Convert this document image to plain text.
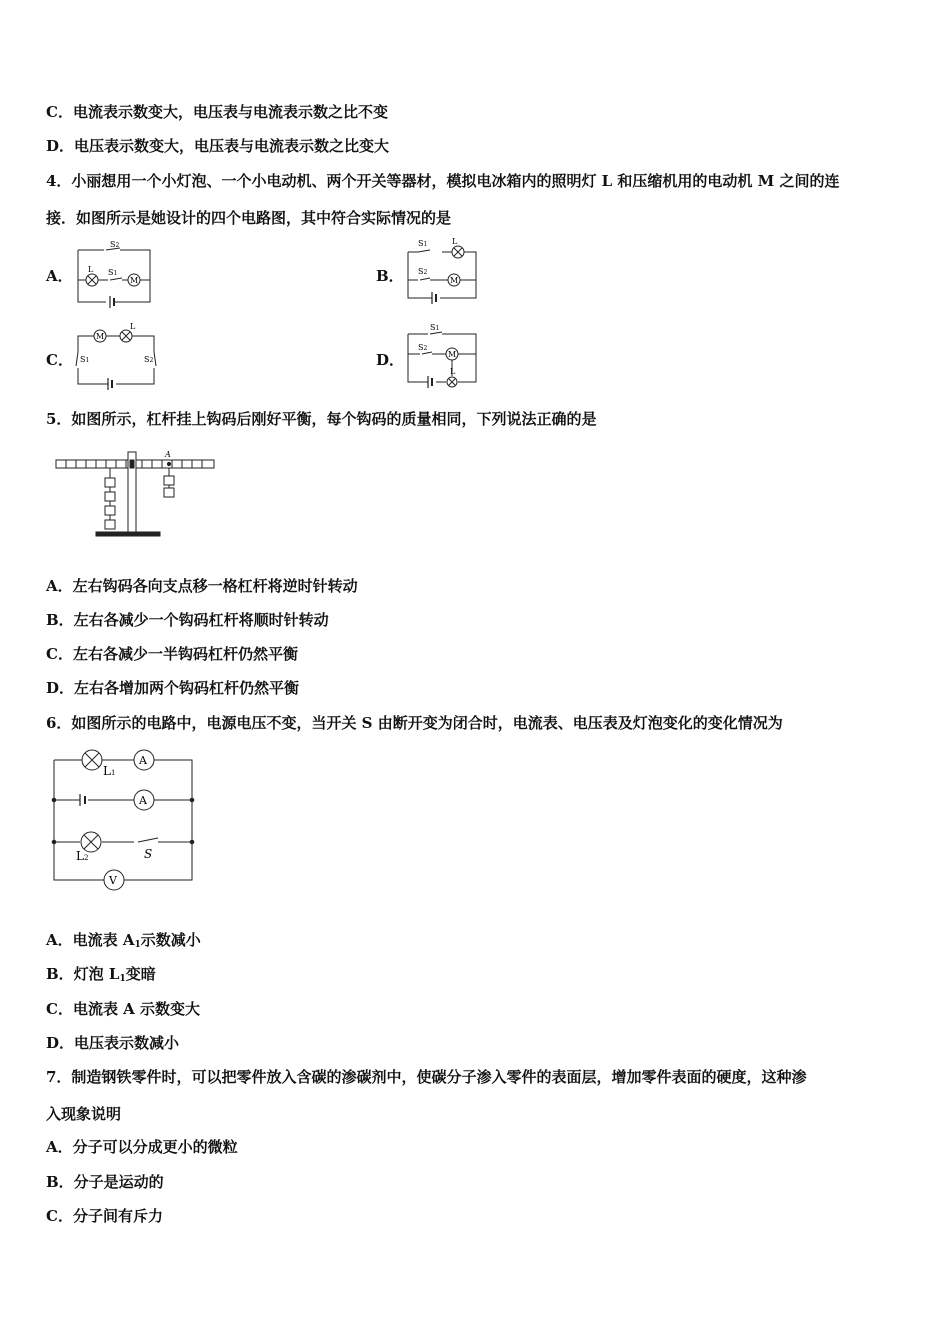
C．电流表示数变大，电压表与电流表示数之比不变
D．电压表示数变大，电压表与电流表示数之比变大
4．小丽想用一个小灯泡、一个小电动机、两个开关等器材，模拟电冰箱内的照明灯 L 和压缩机用的电动机 M 之间的连
接．如图所示是她设计的四个电路图，其中符合实际情况的是
A．	B．
C．	D．
S2
L S1
M
S1	L
S2
M
M
L
S1	S2
S1
S2
M
L
5．如图所示，杠杆挂上钩码后刚好平衡，每个钩码的质量相同，下列说法正确的是
A
A．左右钩码各向支点移一格杠杆将逆时针转动
B．左右各减少一个钩码杠杆将顺时针转动
C．左右各减少一半钩码杠杆仍然平衡
D．左右各增加两个钩码杠杆仍然平衡
6．如图所示的电路中，电源电压不变，当开关 S 由断开变为闭合时，电流表、电压表及灯泡变化的变化情况为
L1
A
A
L2	S
V
A．电流表 $A_1$示数减小
B．灯泡 $L_1$变暗
C．电流表 A 示数变大
D．电压表示数减小
7．制造钢铁零件时，可以把零件放入含碳的渗碳剂中，使碳分子渗入零件的表面层，增加零件表面的硬度，这种渗
入现象说明
A．分子可以分成更小的微粒
B．分子是运动的
C．分子间有斥力
